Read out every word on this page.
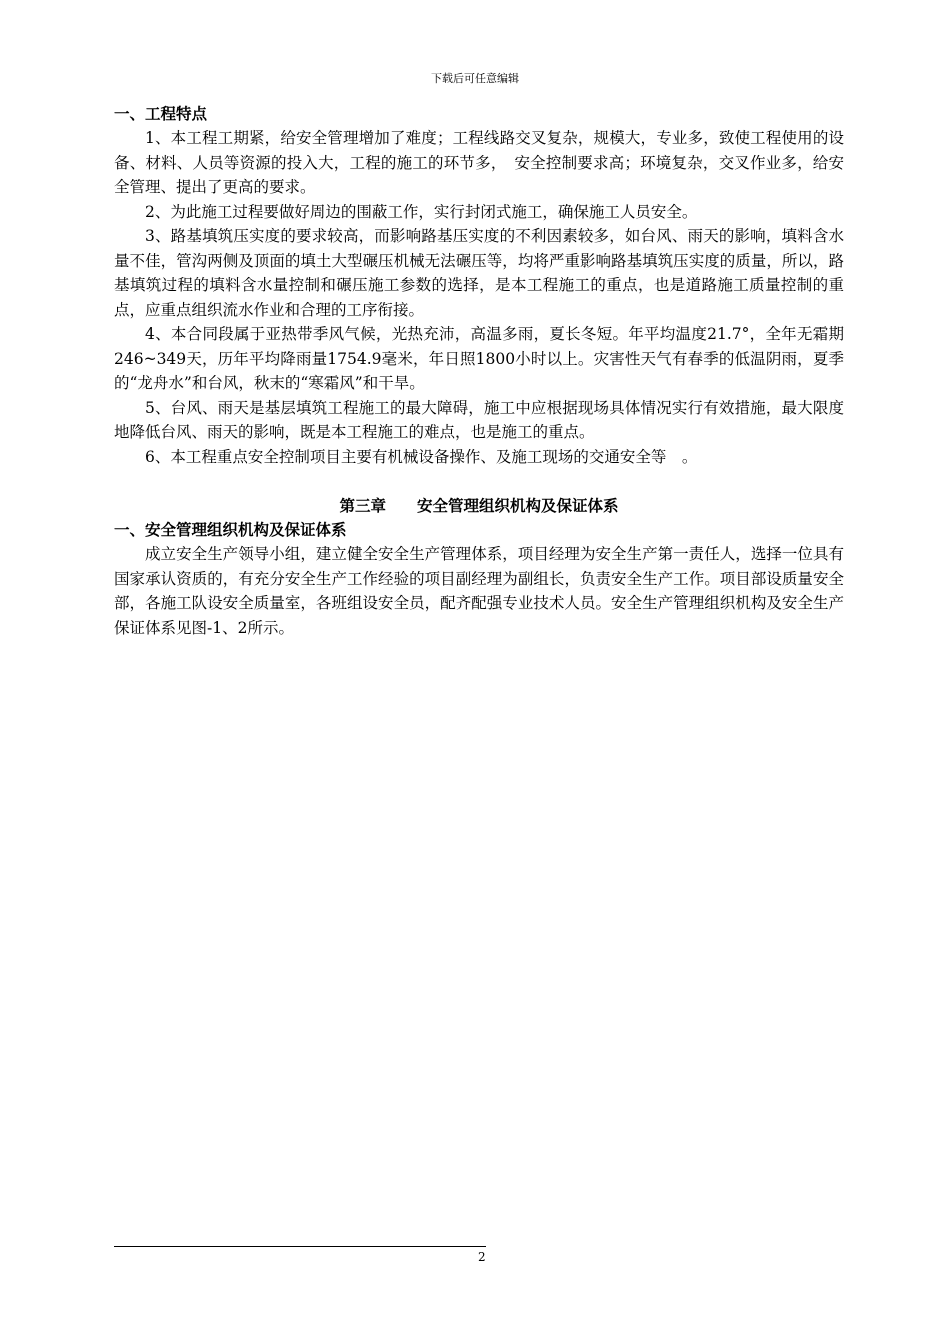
下载后可任意编辑
一、工程特点

1、本工程工期紧，给安全管理增加了难度；工程线路交叉复杂，规模大，专业多，致使工程使用的设备、材料、人员等资源的投入大，工程的施工的环节多，　安全控制要求高；环境复杂，交叉作业多，给安全管理、提出了更高的要求。

2、为此施工过程要做好周边的围蔽工作，实行封闭式施工，确保施工人员安全。

3、路基填筑压实度的要求较高，而影响路基压实度的不利因素较多，如台风、雨天的影响，填料含水量不佳，管沟两侧及顶面的填土大型碾压机械无法碾压等，均将严重影响路基填筑压实度的质量，所以，路基填筑过程的填料含水量控制和碾压施工参数的选择，是本工程施工的重点，也是道路施工质量控制的重点，应重点组织流水作业和合理的工序衔接。

4、本合同段属于亚热带季风气候，光热充沛，高温多雨，夏长冬短。年平均温度21.7°，全年无霜期246~349天，历年平均降雨量1754.9毫米，年日照1800小时以上。灾害性天气有春季的低温阴雨，夏季的“龙舟水”和台风，秋末的“寒霜风”和干旱。

5、台风、雨天是基层填筑工程施工的最大障碍，施工中应根据现场具体情况实行有效措施，最大限度地降低台风、雨天的影响，既是本工程施工的难点，也是施工的重点。

6、本工程重点安全控制项目主要有机械设备操作、及施工现场的交通安全等　。

第三章　　安全管理组织机构及保证体系
一、安全管理组织机构及保证体系

成立安全生产领导小组，建立健全安全生产管理体系，项目经理为安全生产第一责任人，选择一位具有国家承认资质的，有充分安全生产工作经验的项目副经理为副组长，负责安全生产工作。项目部设质量安全部，各施工队设安全质量室，各班组设安全员，配齐配强专业技术人员。安全生产管理组织机构及安全生产保证体系见图-1、2所示。

2
